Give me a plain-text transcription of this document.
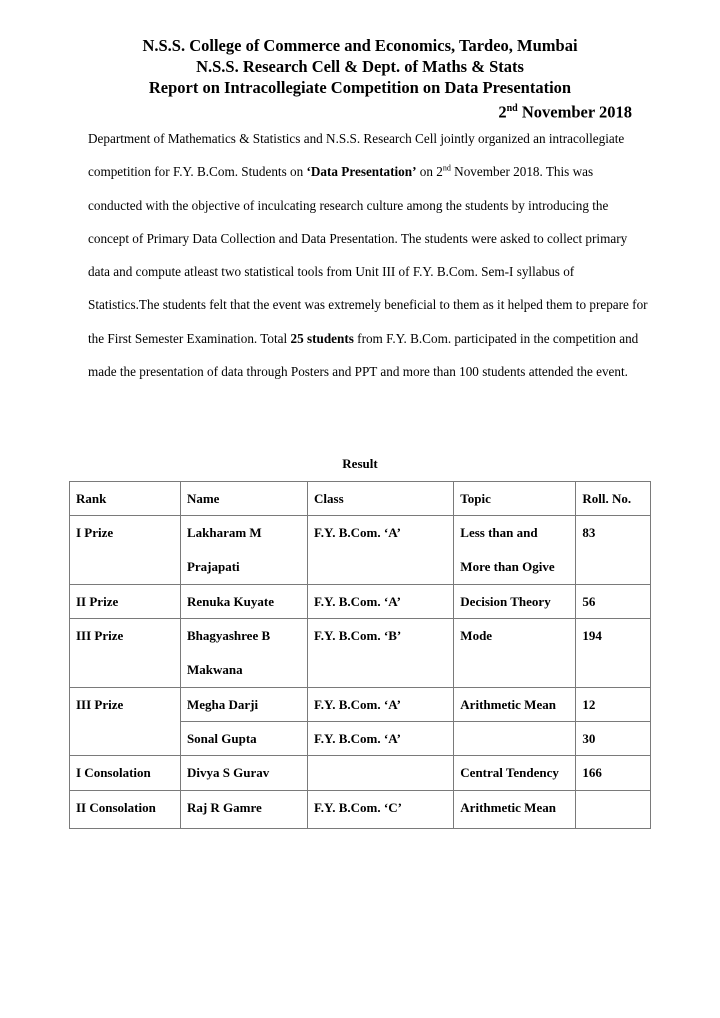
N.S.S. College of Commerce and Economics, Tardeo, Mumbai
N.S.S. Research Cell & Dept. of Maths & Stats
Report on Intracollegiate Competition on Data Presentation
2nd November 2018
Department of Mathematics & Statistics and N.S.S. Research Cell jointly organized an intracollegiate competition for F.Y. B.Com. Students on ‘Data Presentation’ on 2nd November 2018. This was conducted with the objective of inculcating research culture among the students by introducing the concept of Primary Data Collection and Data Presentation. The students were asked to collect primary data and compute atleast two statistical tools from Unit III of F.Y. B.Com. Sem-I syllabus of Statistics.The students felt that the event was extremely beneficial to them as it helped them to prepare for the First Semester Examination. Total 25 students from F.Y. B.Com. participated in the competition and made the presentation of data through Posters and PPT and more than 100 students attended the event.
Result
Rank	Name	Class	Topic	Roll. No.
I Prize	Lakharam M Prajapati	F.Y. B.Com. ‘A’	Less than and More than Ogive	83
II Prize	Renuka Kuyate	F.Y. B.Com. ‘A’	Decision Theory	56
III Prize	Bhagyashree B Makwana	F.Y. B.Com. ‘B’	Mode	194
III Prize	Megha Darji	F.Y. B.Com. ‘A’	Arithmetic Mean	12
	Sonal Gupta	F.Y. B.Com. ‘A’		30
I Consolation	Divya S Gurav		Central Tendency	166
II Consolation	Raj R Gamre	F.Y. B.Com. ‘C’	Arithmetic Mean	
